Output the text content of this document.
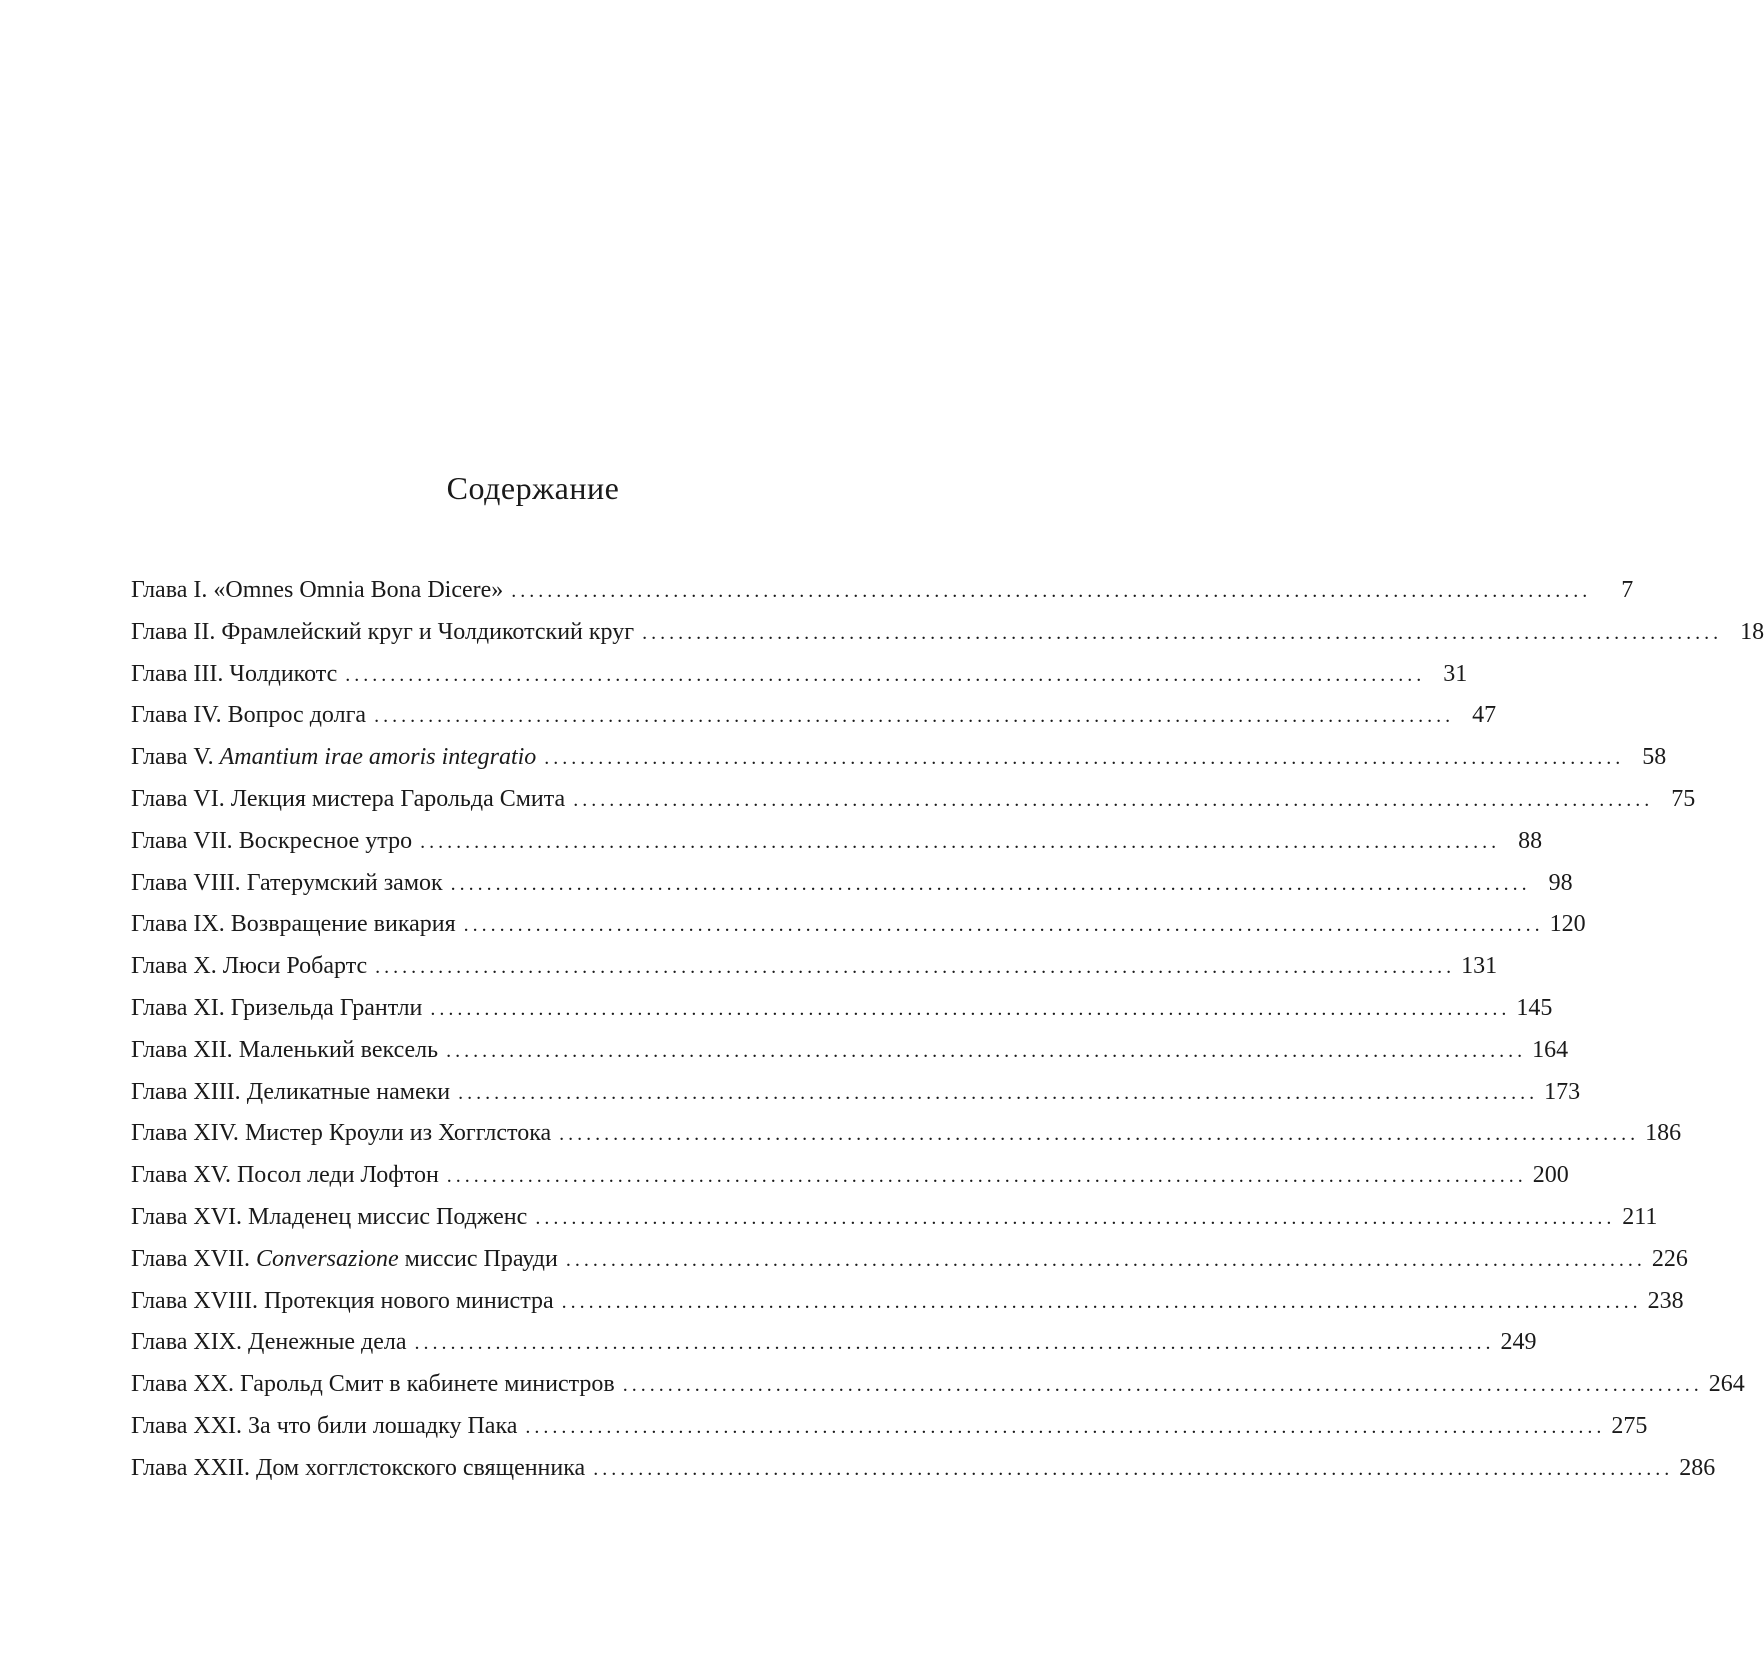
Содержание
Глава I. «Omnes Omnia Bona Dicere» ........................................................................................................................	7
Глава II. Фрамлейский круг и Чолдикотский круг ........................................................................................................................ 18
Глава III. Чолдикотс ........................................................................................................................ 31
Глава IV. Вопрос долга ........................................................................................................................ 47
Глава V. Amantium irae amoris integratio ........................................................................................................................ 58
Глава VI. Лекция мистера Гарольда Смита ........................................................................................................................ 75
Глава VII. Воскресное утро ........................................................................................................................ 88
Глава VIII. Гатерумский замок ........................................................................................................................ 98
Глава IX. Возвращение викария ........................................................................................................................ 120
Глава X. Люси Робартс ........................................................................................................................ 131
Глава XI. Гризельда Грантли ........................................................................................................................ 145
Глава XII. Маленький вексель ........................................................................................................................ 164
Глава XIII. Деликатные намеки ........................................................................................................................ 173
Глава XIV. Мистер Кроули из Хогглстока ........................................................................................................................ 186
Глава XV. Посол леди Лофтон ........................................................................................................................ 200
Глава XVI. Младенец миссис Подженс ........................................................................................................................ 211
Глава XVII. Conversazione миссис Прауди ........................................................................................................................ 226
Глава XVIII. Протекция нового министра ........................................................................................................................ 238
Глава XIX. Денежные дела ........................................................................................................................ 249
Глава XX. Гарольд Смит в кабинете министров ........................................................................................................................ 264
Глава XXI. За что били лошадку Пака ........................................................................................................................ 275
Глава XXII. Дом хогглстокского священника ........................................................................................................................ 286
